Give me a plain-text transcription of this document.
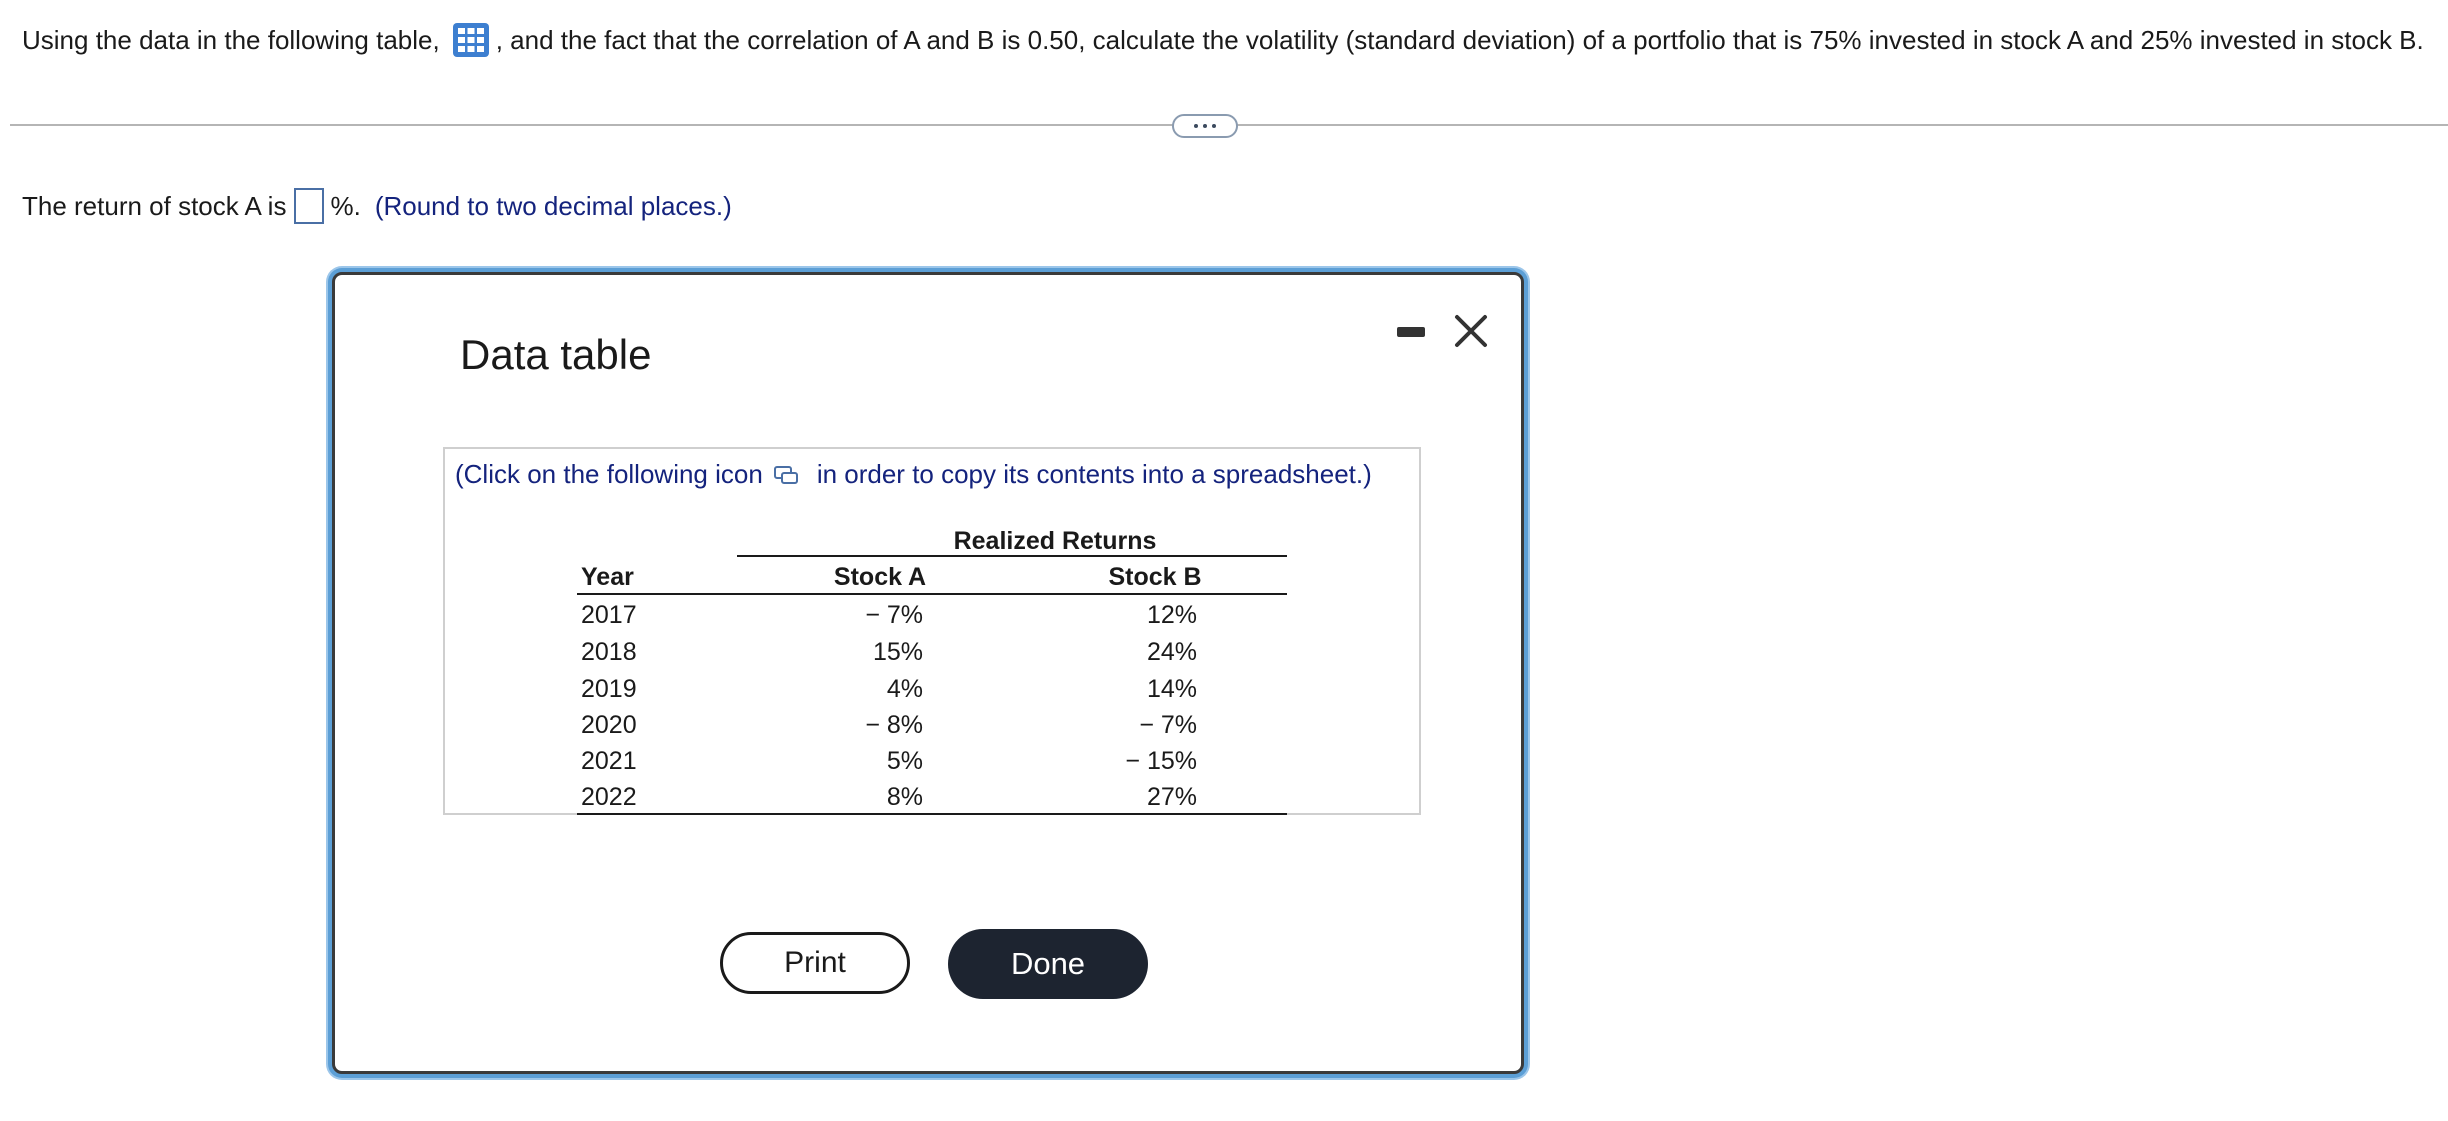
Using the data in the following table, , and the fact that the correlation of A and B is 0.50, calculate the volatility (standard deviation) of a portfolio that is 75% invested in stock A and 25% invested in stock B.
The return of stock A is %. (Round to two decimal places.)
Data table
(Click on the following icon in order to copy its contents into a spreadsheet.)
Realized Returns
Year	Stock A	Stock B
2017	− 7%	12%
2018	15%	24%
2019	4%	14%
2020	− 8%	− 7%
2021	5%	− 15%
2022	8%	27%
Print	Done
